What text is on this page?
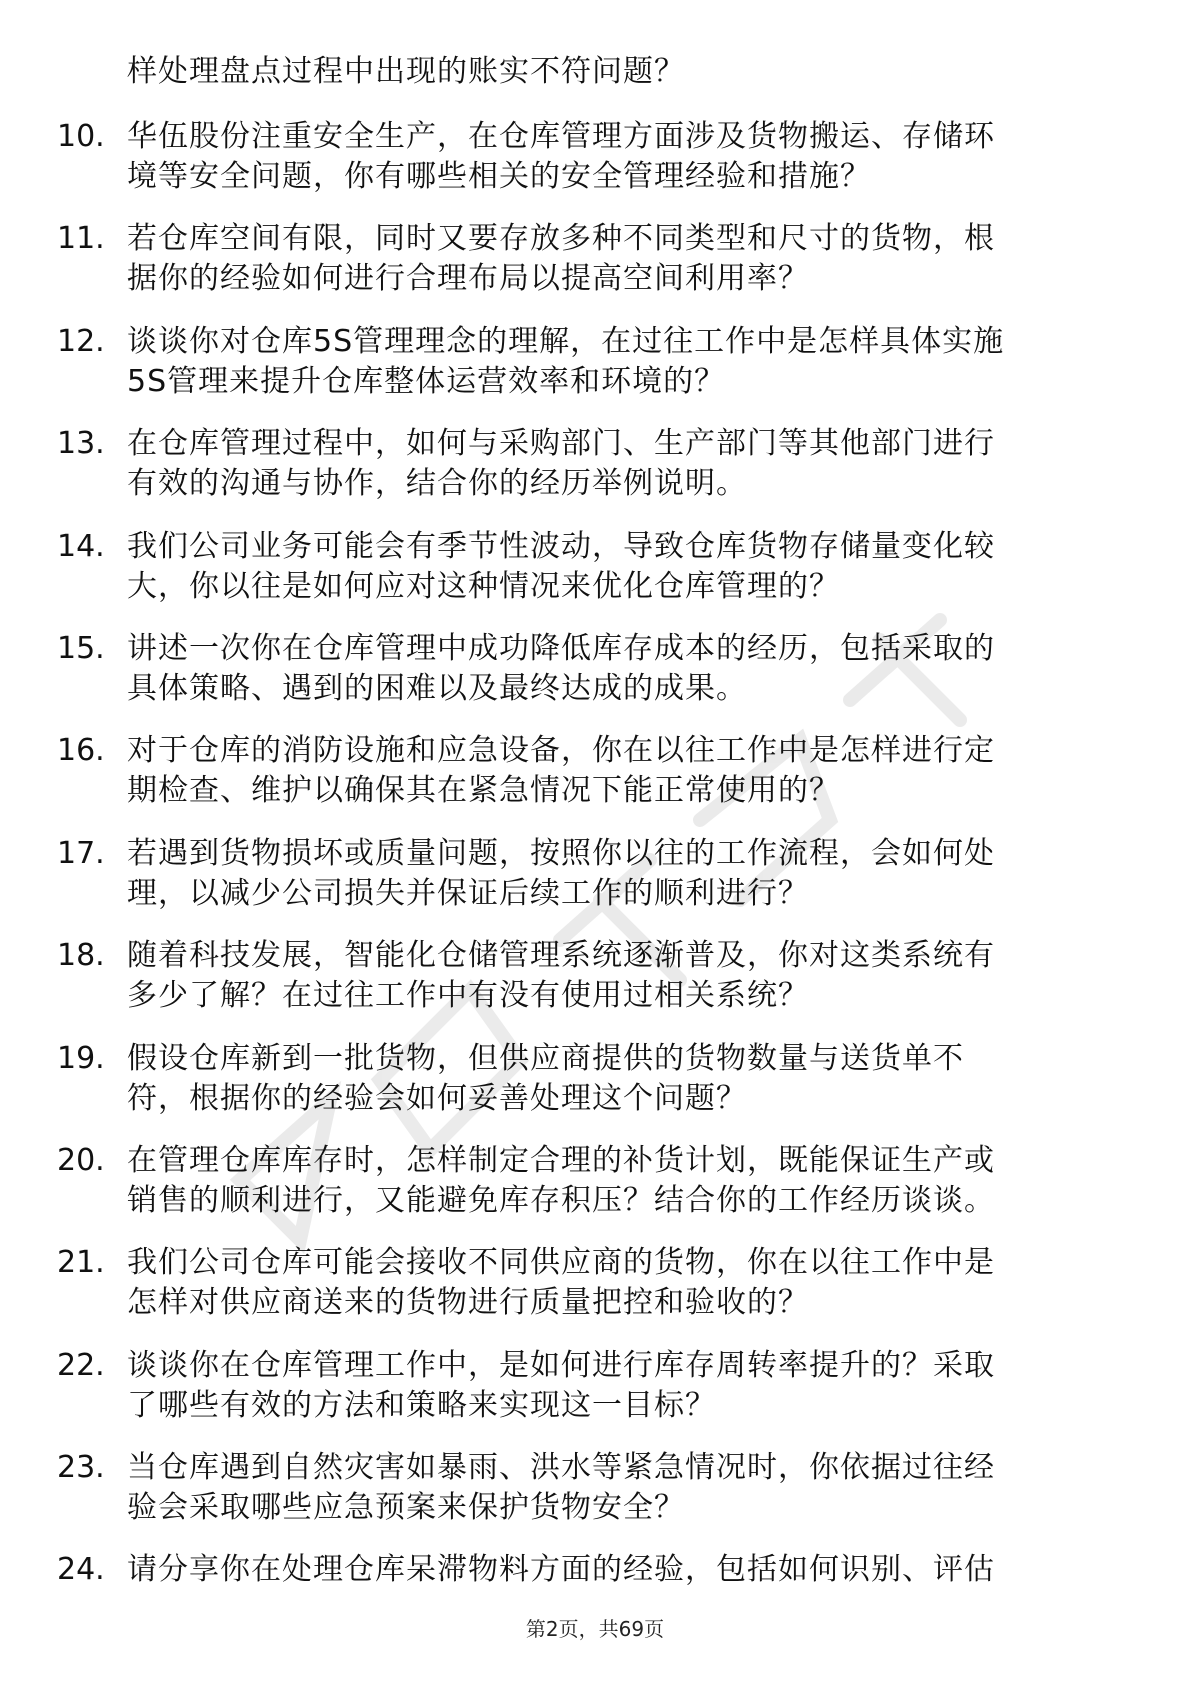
样处理盘点过程中出现的账实不符问题？
10. 华伍股份注重安全生产，在仓库管理方面涉及货物搬运、存储环
境等安全问题，你有哪些相关的安全管理经验和措施？
11. 若仓库空间有限，同时又要存放多种不同类型和尺寸的货物，根
据你的经验如何进行合理布局以提高空间利用率？
12. 谈谈你对仓库5S管理理念的理解，在过往工作中是怎样具体实施
5S管理来提升仓库整体运营效率和环境的？
13. 在仓库管理过程中，如何与采购部门、生产部门等其他部门进行
有效的沟通与协作，结合你的经历举例说明。
14. 我们公司业务可能会有季节性波动，导致仓库货物存储量变化较
大，你以往是如何应对这种情况来优化仓库管理的？
15. 讲述一次你在仓库管理中成功降低库存成本的经历，包括采取的
具体策略、遇到的困难以及最终达成的成果。
16. 对于仓库的消防设施和应急设备，你在以往工作中是怎样进行定
期检查、维护以确保其在紧急情况下能正常使用的？
17. 若遇到货物损坏或质量问题，按照你以往的工作流程，会如何处
理，以减少公司损失并保证后续工作的顺利进行？
18. 随着科技发展，智能化仓储管理系统逐渐普及，你对这类系统有
多少了解？在过往工作中有没有使用过相关系统？
19. 假设仓库新到一批货物，但供应商提供的货物数量与送货单不
符，根据你的经验会如何妥善处理这个问题？
20. 在管理仓库库存时，怎样制定合理的补货计划，既能保证生产或
销售的顺利进行，又能避免库存积压？结合你的工作经历谈谈。
21. 我们公司仓库可能会接收不同供应商的货物，你在以往工作中是
怎样对供应商送来的货物进行质量把控和验收的？
22. 谈谈你在仓库管理工作中，是如何进行库存周转率提升的？采取
了哪些有效的方法和策略来实现这一目标？
23. 当仓库遇到自然灾害如暴雨、洪水等紧急情况时，你依据过往经
验会采取哪些应急预案来保护货物安全？
24. 请分享你在处理仓库呆滞物料方面的经验，包括如何识别、评估
第2页，共69页
